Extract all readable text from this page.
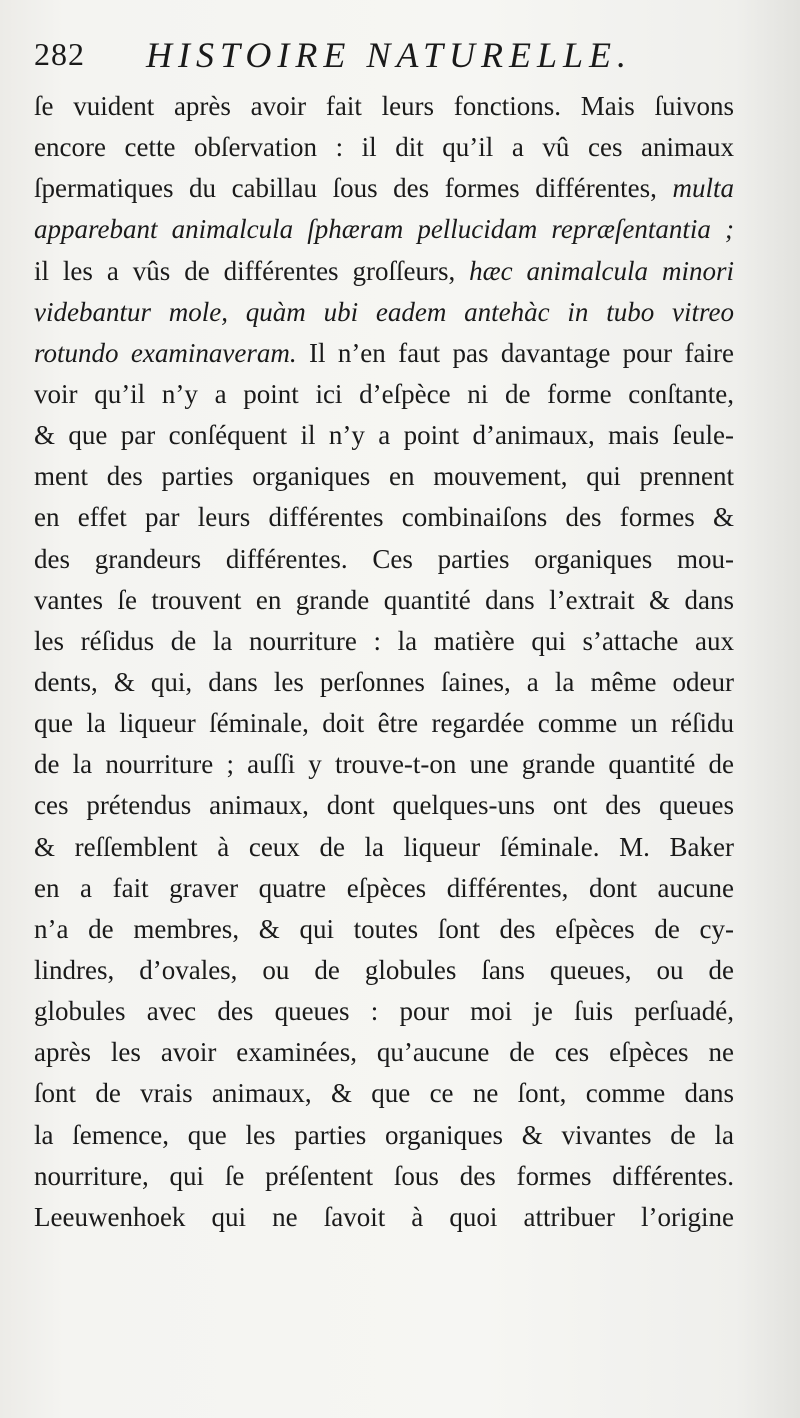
282 HISTOIRE NATURELLE.
ſe vuident après avoir fait leurs fonctions. Mais ſuivons
encore cette obſervation : il dit qu’il a vû ces animaux
ſpermatiques du cabillau ſous des formes différentes, multa
apparebant animalcula ſphæram pellucidam repræſentantia ;
il les a vûs de différentes groſſeurs, hæc animalcula minori
videbantur mole, quàm ubi eadem antehàc in tubo vitreo
rotundo examinaveram. Il n’en faut pas davantage pour faire
voir qu’il n’y a point ici d’eſpèce ni de forme conſtante,
& que par conſéquent il n’y a point d’animaux, mais ſeule-
ment des parties organiques en mouvement, qui prennent
en effet par leurs différentes combinaiſons des formes &
des grandeurs différentes. Ces parties organiques mou-
vantes ſe trouvent en grande quantité dans l’extrait & dans
les réſidus de la nourriture : la matière qui s’attache aux
dents, & qui, dans les perſonnes ſaines, a la même odeur
que la liqueur ſéminale, doit être regardée comme un réſidu
de la nourriture ; auſſi y trouve-t-on une grande quantité de
ces prétendus animaux, dont quelques-uns ont des queues
& reſſemblent à ceux de la liqueur ſéminale. M. Baker
en a fait graver quatre eſpèces différentes, dont aucune
n’a de membres, & qui toutes ſont des eſpèces de cy-
lindres, d’ovales, ou de globules ſans queues, ou de
globules avec des queues : pour moi je ſuis perſuadé,
après les avoir examinées, qu’aucune de ces eſpèces ne
ſont de vrais animaux, & que ce ne ſont, comme dans
la ſemence, que les parties organiques & vivantes de la
nourriture, qui ſe préſentent ſous des formes différentes.
Leeuwenhoek qui ne ſavoit à quoi attribuer l’origine
